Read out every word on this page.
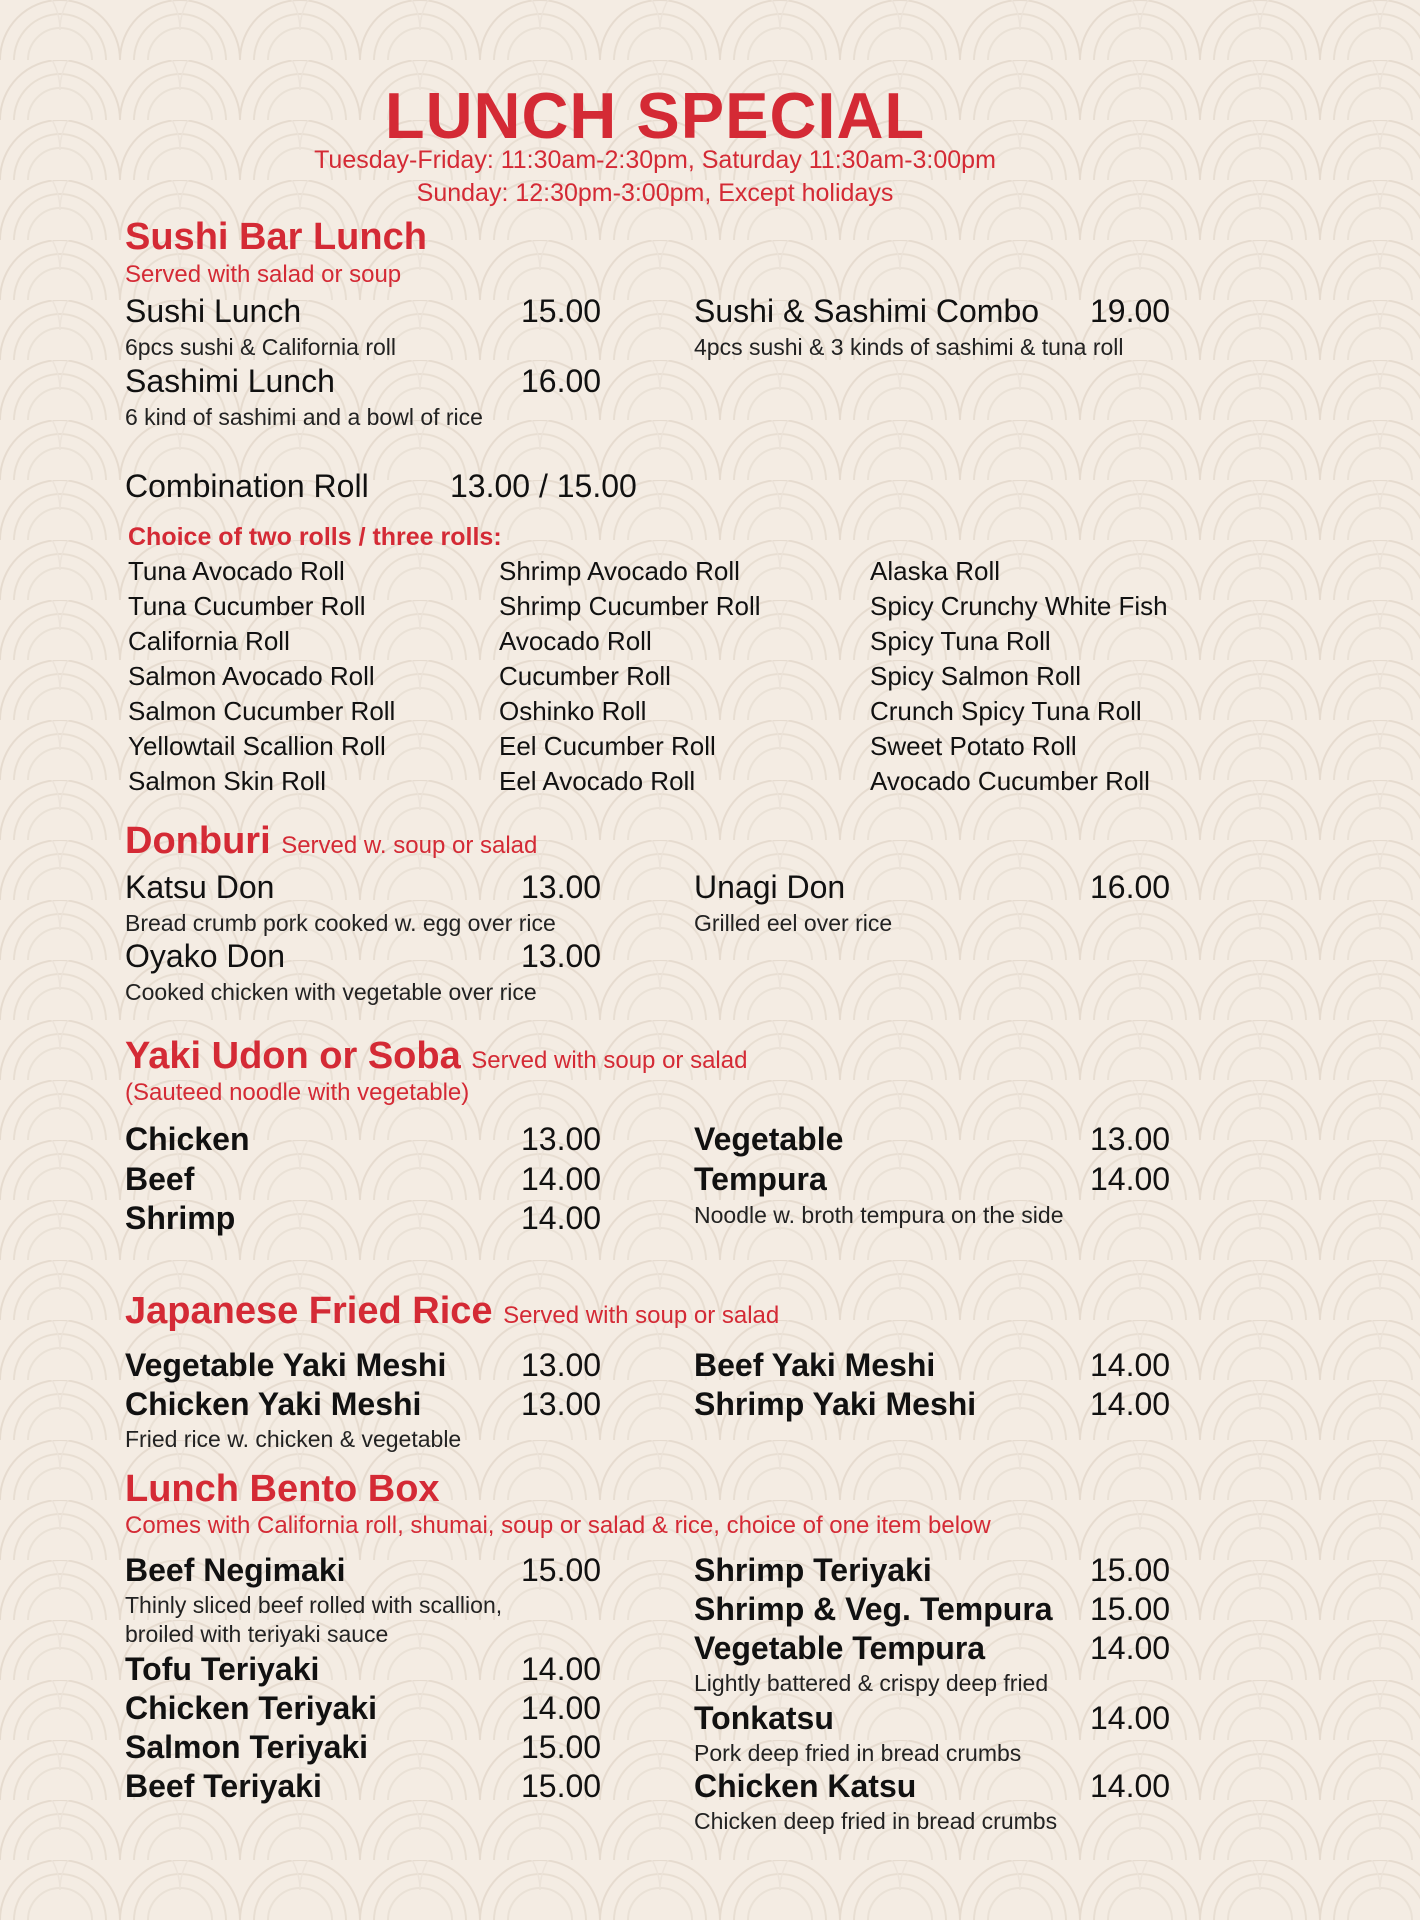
LUNCH SPECIAL
Tuesday-Friday: 11:30am-2:30pm, Saturday 11:30am-3:00pm
Sunday: 12:30pm-3:00pm, Except holidays
Sushi Bar Lunch
Served with salad or soup
Sushi Lunch	15.00
6pcs sushi & California roll
Sashimi Lunch	16.00
6 kind of sashimi and a bowl of rice
Sushi & Sashimi Combo 19.00
4pcs sushi & 3 kinds of sashimi & tuna roll
Combination Roll	13.00 / 15.00
Choice of two rolls / three rolls:
Tuna Avocado Roll
Tuna Cucumber Roll
California Roll
Salmon Avocado Roll
Salmon Cucumber Roll
Yellowtail Scallion Roll
Salmon Skin Roll
Shrimp Avocado Roll
Shrimp Cucumber Roll
Avocado Roll
Cucumber Roll
Oshinko Roll
Eel Cucumber Roll
Eel Avocado Roll
Alaska Roll
Spicy Crunchy White Fish
Spicy Tuna Roll
Spicy Salmon Roll
Crunch Spicy Tuna Roll
Sweet Potato Roll
Avocado Cucumber Roll
Donburi Served w. soup or salad
Katsu Don	13.00
Bread crumb pork cooked w. egg over rice
Oyako Don	13.00
Cooked chicken with vegetable over rice
Unagi Don	16.00
Grilled eel over rice
Yaki Udon or Soba Served with soup or salad
(Sauteed noodle with vegetable)
Chicken	13.00
Beef	14.00
Shrimp	14.00
Vegetable	13.00
Tempura	14.00
Noodle w. broth tempura on the side
Japanese Fried Rice Served with soup or salad
Vegetable Yaki Meshi 13.00
Chicken Yaki Meshi	13.00
Fried rice w. chicken & vegetable
Beef Yaki Meshi	14.00
Shrimp Yaki Meshi	14.00
Lunch Bento Box
Comes with California roll, shumai, soup or salad & rice, choice of one item below
Beef Negimaki	15.00
Thinly sliced beef rolled with scallion,
broiled with teriyaki sauce
Tofu Teriyaki	14.00
Chicken Teriyaki	14.00
Salmon Teriyaki	15.00
Beef Teriyaki	15.00
Shrimp Teriyaki	15.00
Shrimp & Veg. Tempura 15.00
Vegetable Tempura	14.00
Lightly battered & crispy deep fried
Tonkatsu	14.00
Pork deep fried in bread crumbs
Chicken Katsu	14.00
Chicken deep fried in bread crumbs
